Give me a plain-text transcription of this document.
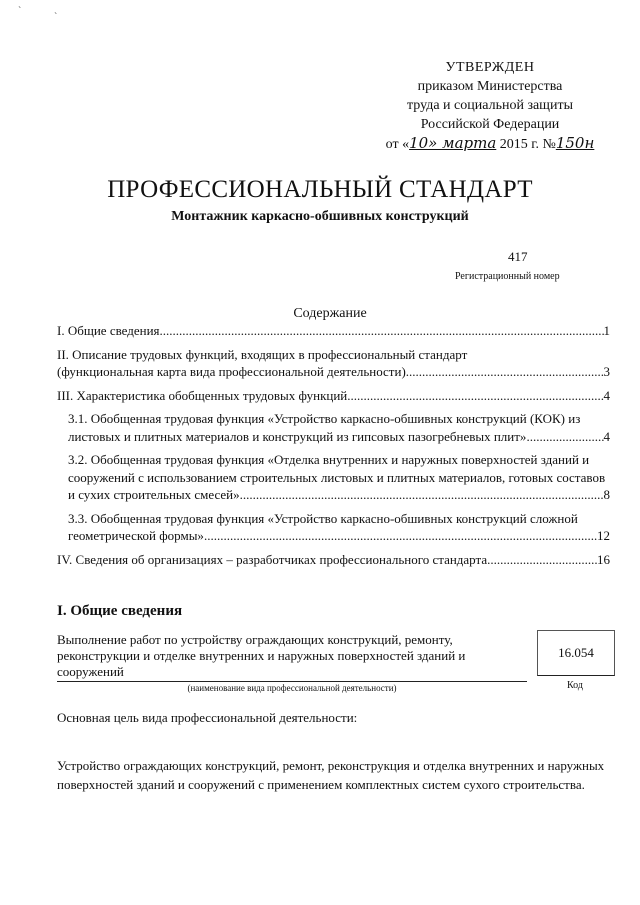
ˋ
ˋ
УТВЕРЖДЕН
приказом Министерства
труда и социальной защиты
Российской Федерации
от «10» марта 2015 г. №150н
ПРОФЕССИОНАЛЬНЫЙ СТАНДАРТ
Монтажник каркасно-обшивных конструкций
417
Регистрационный номер
Содержание
I. Общие сведения .....	1
II. Описание трудовых функций, входящих в профессиональный стандарт
(функциональная карта вида профессиональной деятельности) .....	3
III. Характеристика обобщенных трудовых функций .....	4
3.1. Обобщенная трудовая функция «Устройство каркасно-обшивных конструкций (КОК) из
листовых и плитных материалов и конструкций из гипсовых пазогребневых плит» .....	4
3.2. Обобщенная трудовая функция «Отделка внутренних и наружных поверхностей зданий и
сооружений с использованием строительных листовых и плитных материалов, готовых составов
и сухих строительных смесей» .....	8
3.3. Обобщенная трудовая функция «Устройство каркасно-обшивных конструкций сложной
геометрической формы» .....	12
IV. Сведения об организациях – разработчиках профессионального стандарта .....	16
I. Общие сведения
Выполнение работ по устройству ограждающих конструкций, ремонту,
реконструкции и отделке внутренних и наружных поверхностей зданий и
сооружений
(наименование вида профессиональной деятельности)
16.054
Код
Основная цель вида профессиональной деятельности:
Устройство ограждающих конструкций, ремонт, реконструкция и отделка внутренних и наружных
поверхностей зданий и сооружений с применением комплектных систем сухого строительства.
